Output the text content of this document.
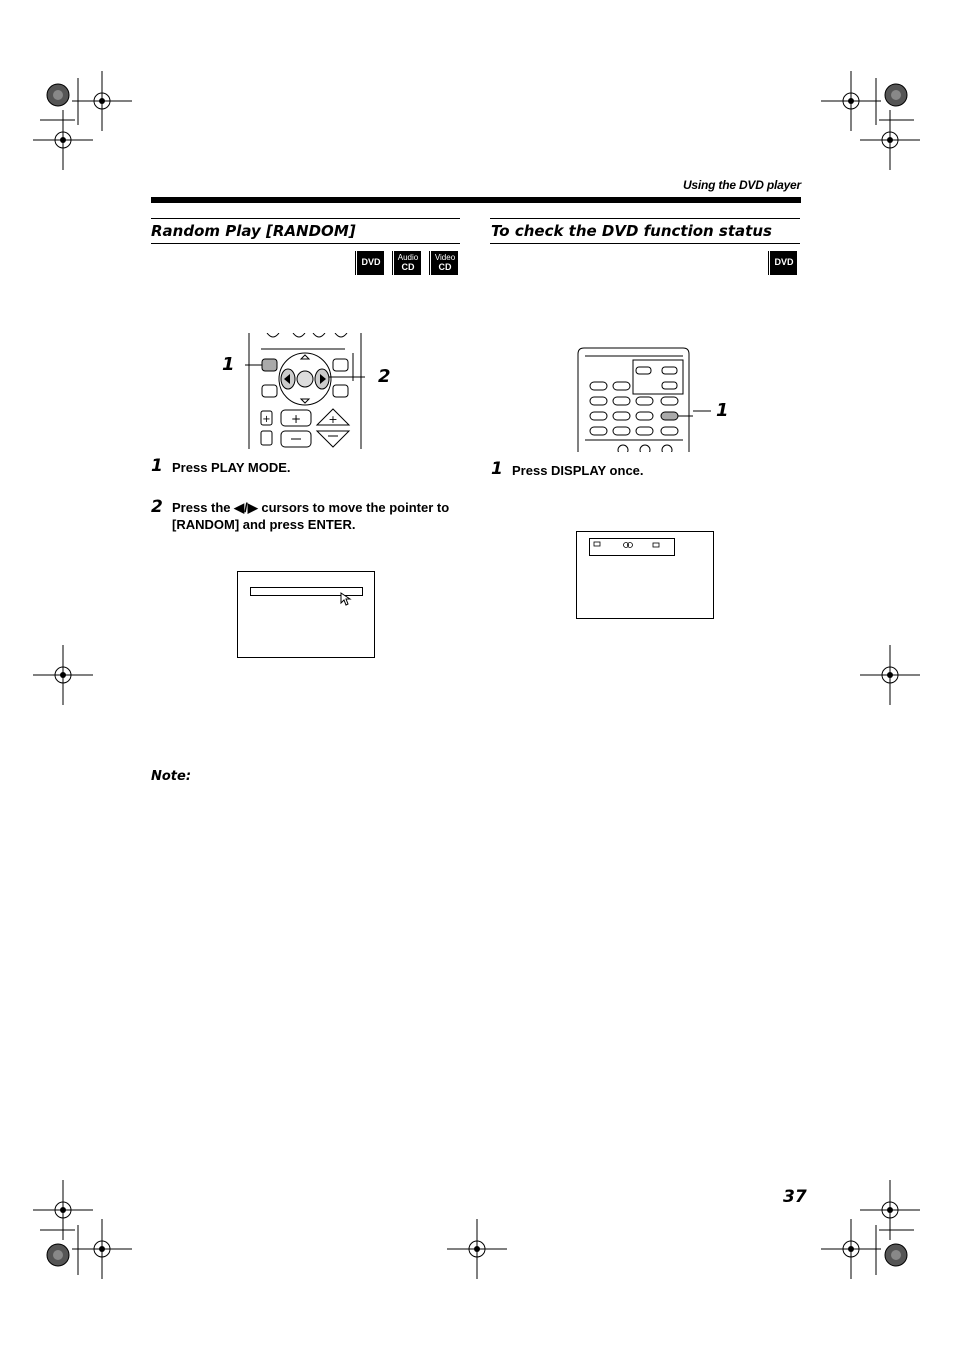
Using the DVD player
Random Play [RANDOM]
DVD	Audio
CD
Video
CD
+ + +
1
2
1 Press PLAY MODE.
2 Press the ◀/▶ cursors to move the pointer to
[RANDOM] and press ENTER.
Note:
To check the DVD function status
DVD
1
1 Press DISPLAY once.
37
